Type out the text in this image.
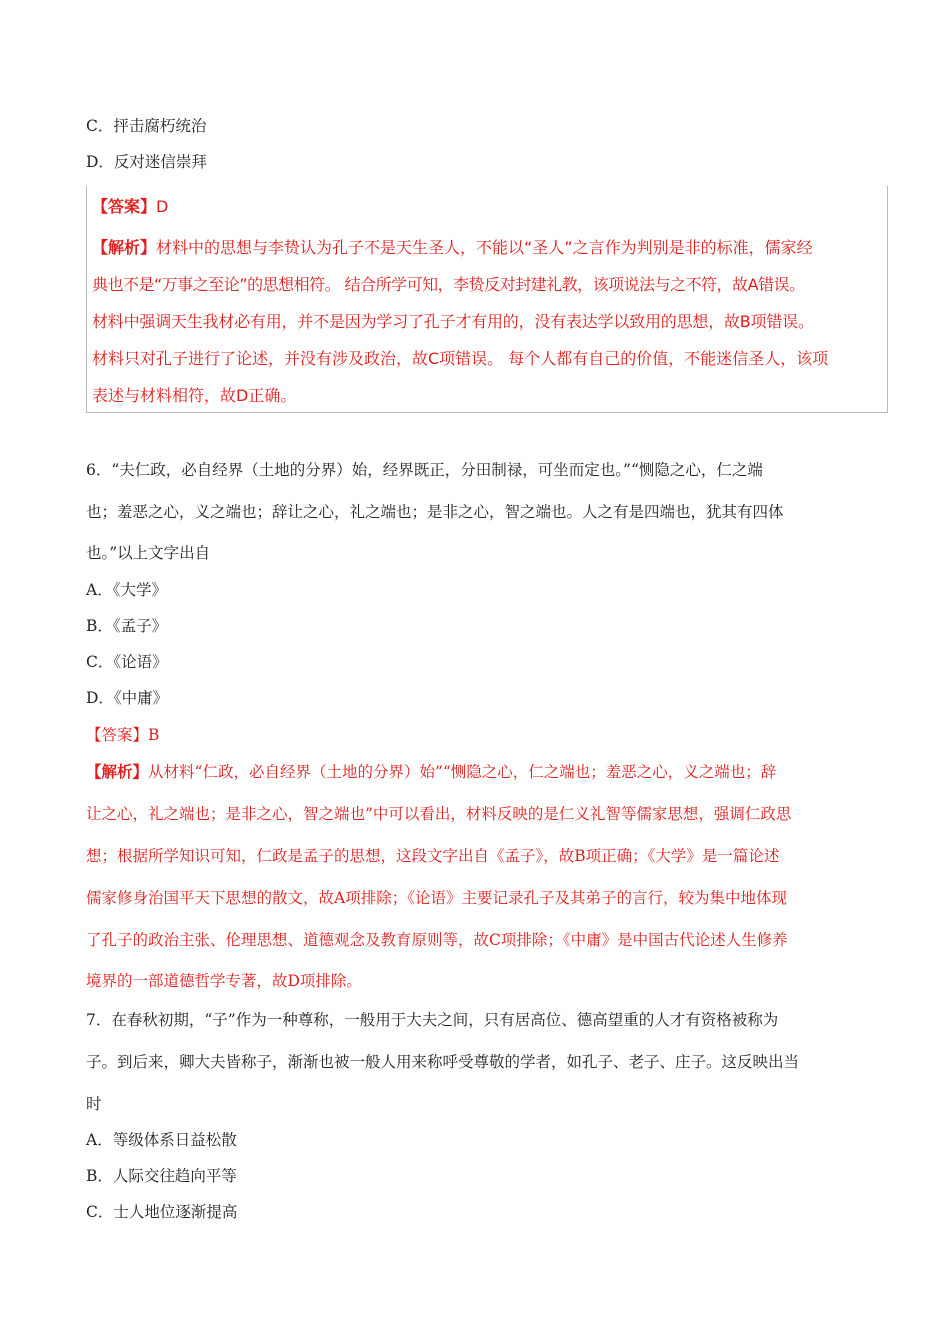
C．抨击腐朽统治
D．反对迷信崇拜
【答案】D
【解析】材料中的思想与李贽认为孔子不是天生圣人，不能以“圣人”之言作为判别是非的标准，儒家经
典也不是“万事之至论”的思想相符。 结合所学可知，李贽反对封建礼教，该项说法与之不符，故A错误。
材料中强调天生我材必有用，并不是因为学习了孔子才有用的，没有表达学以致用的思想，故B项错误。
材料只对孔子进行了论述，并没有涉及政治，故C项错误。 每个人都有自己的价值，不能迷信圣人，该项
表述与材料相符，故D正确。
6．“夫仁政，必自经界（土地的分界）始，经界既正，分田制禄，可坐而定也。”“恻隐之心，仁之端
也；羞恶之心，义之端也；辞让之心，礼之端也；是非之心，智之端也。人之有是四端也，犹其有四体
也。”以上文字出自
A．《大学》
B．《孟子》
C．《论语》
D．《中庸》
【答案】B
【解析】从材料“仁政，必自经界（土地的分界）始”“恻隐之心，仁之端也；羞恶之心，义之端也；辞
让之心，礼之端也；是非之心，智之端也”中可以看出，材料反映的是仁义礼智等儒家思想，强调仁政思
想；根据所学知识可知，仁政是孟子的思想，这段文字出自《孟子》，故B项正确；《大学》是一篇论述
儒家修身治国平天下思想的散文，故A项排除；《论语》主要记录孔子及其弟子的言行，较为集中地体现
了孔子的政治主张、伦理思想、道德观念及教育原则等，故C项排除；《中庸》是中国古代论述人生修养
境界的一部道德哲学专著，故D项排除。
7．在春秋初期，“子”作为一种尊称，一般用于大夫之间，只有居高位、德高望重的人才有资格被称为
子。到后来，卿大夫皆称子，渐渐也被一般人用来称呼受尊敬的学者，如孔子、老子、庄子。这反映出当
时
A．等级体系日益松散
B．人际交往趋向平等
C．士人地位逐渐提高
